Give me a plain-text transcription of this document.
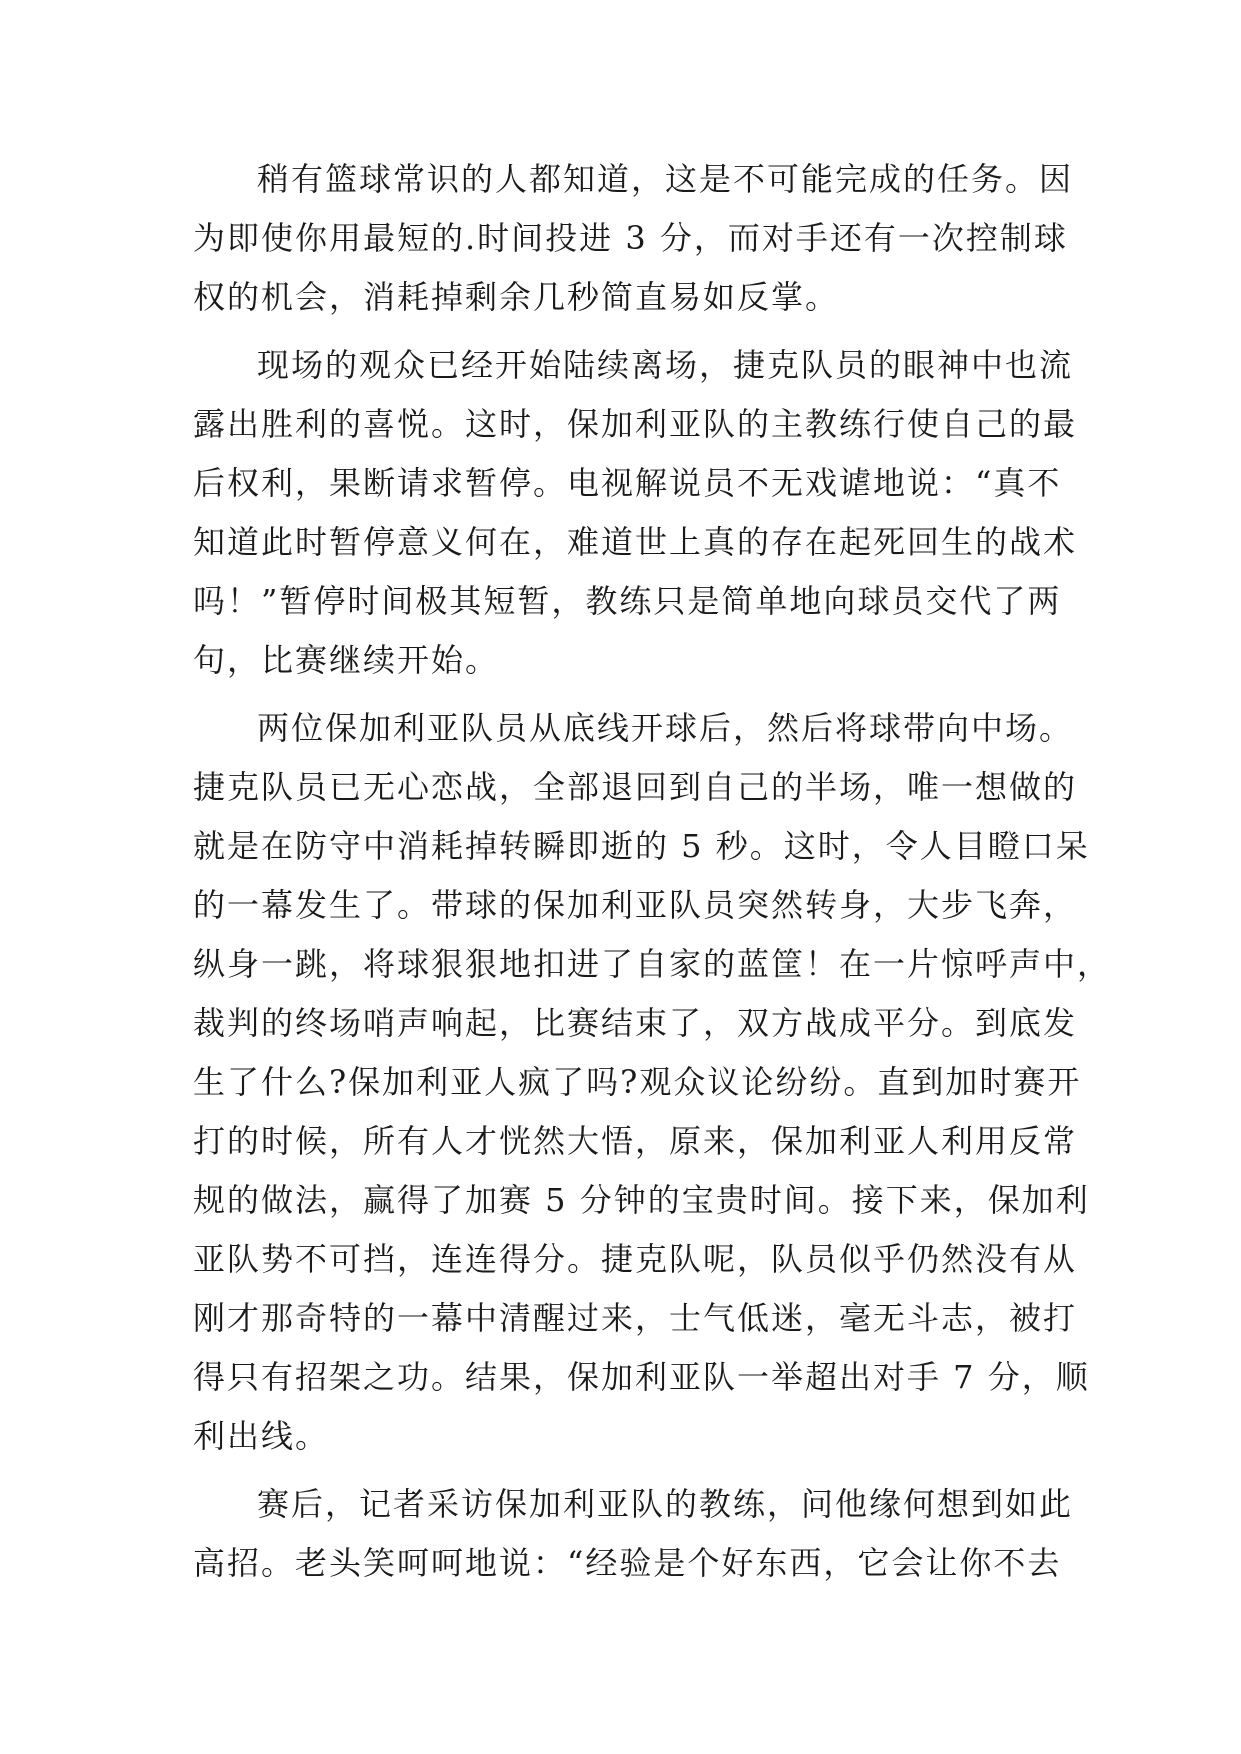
稍有篮球常识的人都知道，这是不可能完成的任务。因
为即使你用最短的.时间投进 3 分，而对手还有一次控制球
权的机会，消耗掉剩余几秒简直易如反掌。
现场的观众已经开始陆续离场，捷克队员的眼神中也流
露出胜利的喜悦。这时，保加利亚队的主教练行使自己的最
后权利，果断请求暂停。电视解说员不无戏谑地说：“真不
知道此时暂停意义何在，难道世上真的存在起死回生的战术
吗！”暂停时间极其短暂，教练只是简单地向球员交代了两
句，比赛继续开始。
两位保加利亚队员从底线开球后，然后将球带向中场。
捷克队员已无心恋战，全部退回到自己的半场，唯一想做的
就是在防守中消耗掉转瞬即逝的 5 秒。这时，令人目瞪口呆
的一幕发生了。带球的保加利亚队员突然转身，大步飞奔，
纵身一跳，将球狠狠地扣进了自家的蓝筐！在一片惊呼声中，
裁判的终场哨声响起，比赛结束了，双方战成平分。到底发
生了什么?保加利亚人疯了吗?观众议论纷纷。直到加时赛开
打的时候，所有人才恍然大悟，原来，保加利亚人利用反常
规的做法，赢得了加赛 5 分钟的宝贵时间。接下来，保加利
亚队势不可挡，连连得分。捷克队呢，队员似乎仍然没有从
刚才那奇特的一幕中清醒过来，士气低迷，毫无斗志，被打
得只有招架之功。结果，保加利亚队一举超出对手 7 分，顺
利出线。
赛后，记者采访保加利亚队的教练，问他缘何想到如此
高招。老头笑呵呵地说：“经验是个好东西，它会让你不去
